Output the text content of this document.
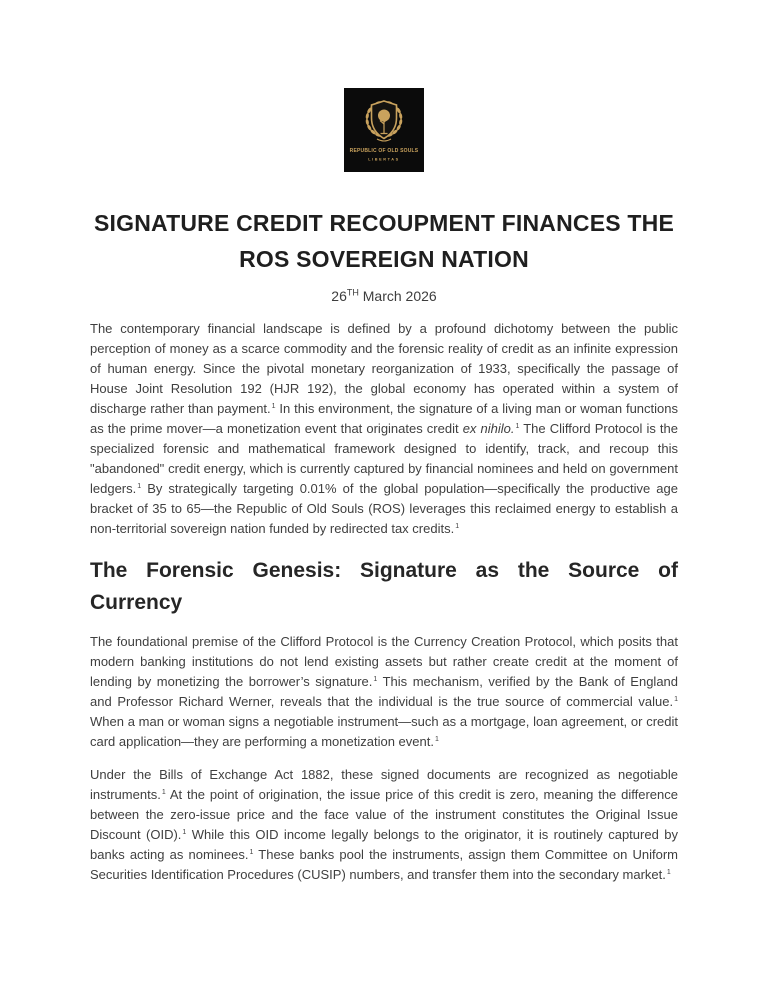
REPUBLIC OF OLD SOULS
LIBERTAS
SIGNATURE CREDIT RECOUPMENT FINANCES THE
ROS SOVEREIGN NATION
26TH March 2026

The contemporary financial landscape is defined by a profound dichotomy between the public perception of money as a scarce commodity and the forensic reality of credit as an infinite expression of human energy. Since the pivotal monetary reorganization of 1933, specifically the passage of House Joint Resolution 192 (HJR 192), the global economy has operated within a system of discharge rather than payment.$^1$ In this environment, the signature of a living man or woman functions as the prime mover—a monetization event that originates credit ex nihilo.$^1$ The Clifford Protocol is the specialized forensic and mathematical framework designed to identify, track, and recoup this "abandoned" credit energy, which is currently captured by financial nominees and held on government ledgers.$^1$ By strategically targeting 0.01% of the global population—specifically the productive age bracket of 35 to 65—the Republic of Old Souls (ROS) leverages this reclaimed energy to establish a non-territorial sovereign nation funded by redirected tax credits.$^1$

The Forensic Genesis: Signature as the Source of
Currency

The foundational premise of the Clifford Protocol is the Currency Creation Protocol, which posits that modern banking institutions do not lend existing assets but rather create credit at the moment of lending by monetizing the borrower’s signature.$^1$ This mechanism, verified by the Bank of England and Professor Richard Werner, reveals that the individual is the true source of commercial value.$^1$ When a man or woman signs a negotiable instrument—such as a mortgage, loan agreement, or credit card application—they are performing a monetization event.$^1$

Under the Bills of Exchange Act 1882, these signed documents are recognized as negotiable instruments.$^1$ At the point of origination, the issue price of this credit is zero, meaning the difference between the zero-issue price and the face value of the instrument constitutes the Original Issue Discount (OID).$^1$ While this OID income legally belongs to the originator, it is routinely captured by banks acting as nominees.$^1$ These banks pool the instruments, assign them Committee on Uniform Securities Identification Procedures (CUSIP) numbers, and transfer them into the secondary market.$^1$
